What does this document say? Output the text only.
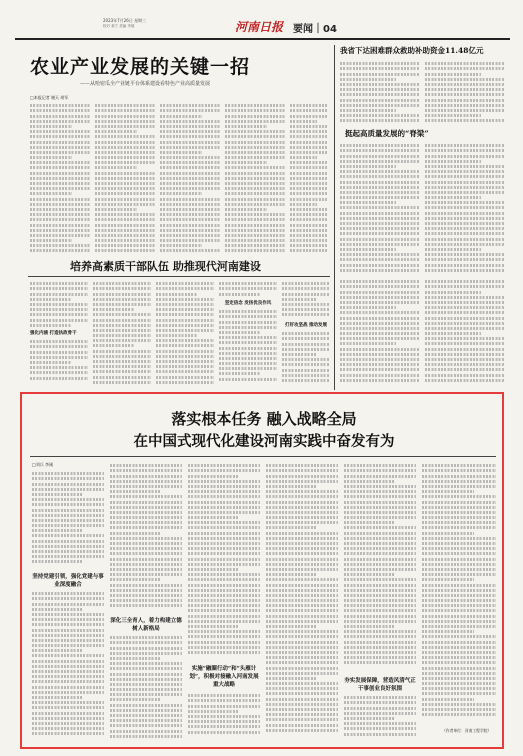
2023年7月26日 星期三
校对 姜宁 美编 李瑞	河南日报 要闻｜04
农业产业发展的关键一招
——从哈密瓜全产业链平台体系建设看特色产业高质量发展
□本报记者 谢天 胡军
我省下达困难群众救助补助资金11.48亿元
挺起高质量发展的“脊梁”
培养高素质干部队伍 助推现代河南建设
强化内涵 打造执政骨干
坚定信念 发扬优良作风
打好攻坚战 推动发展
落实根本任务 融入战略全局
在中国式现代化建设河南实践中奋发有为
□刘兵 李刚
坚持党建引领，强化党建与事业深度融合
深化三全育人，着力构建立德树人新格局
实施“融圈行动”和“头雁计划”，积极对接融入河南发展重大战略
夯实发展保障，营造风清气正干事创业良好氛围
（作者单位：河南工程学院）
